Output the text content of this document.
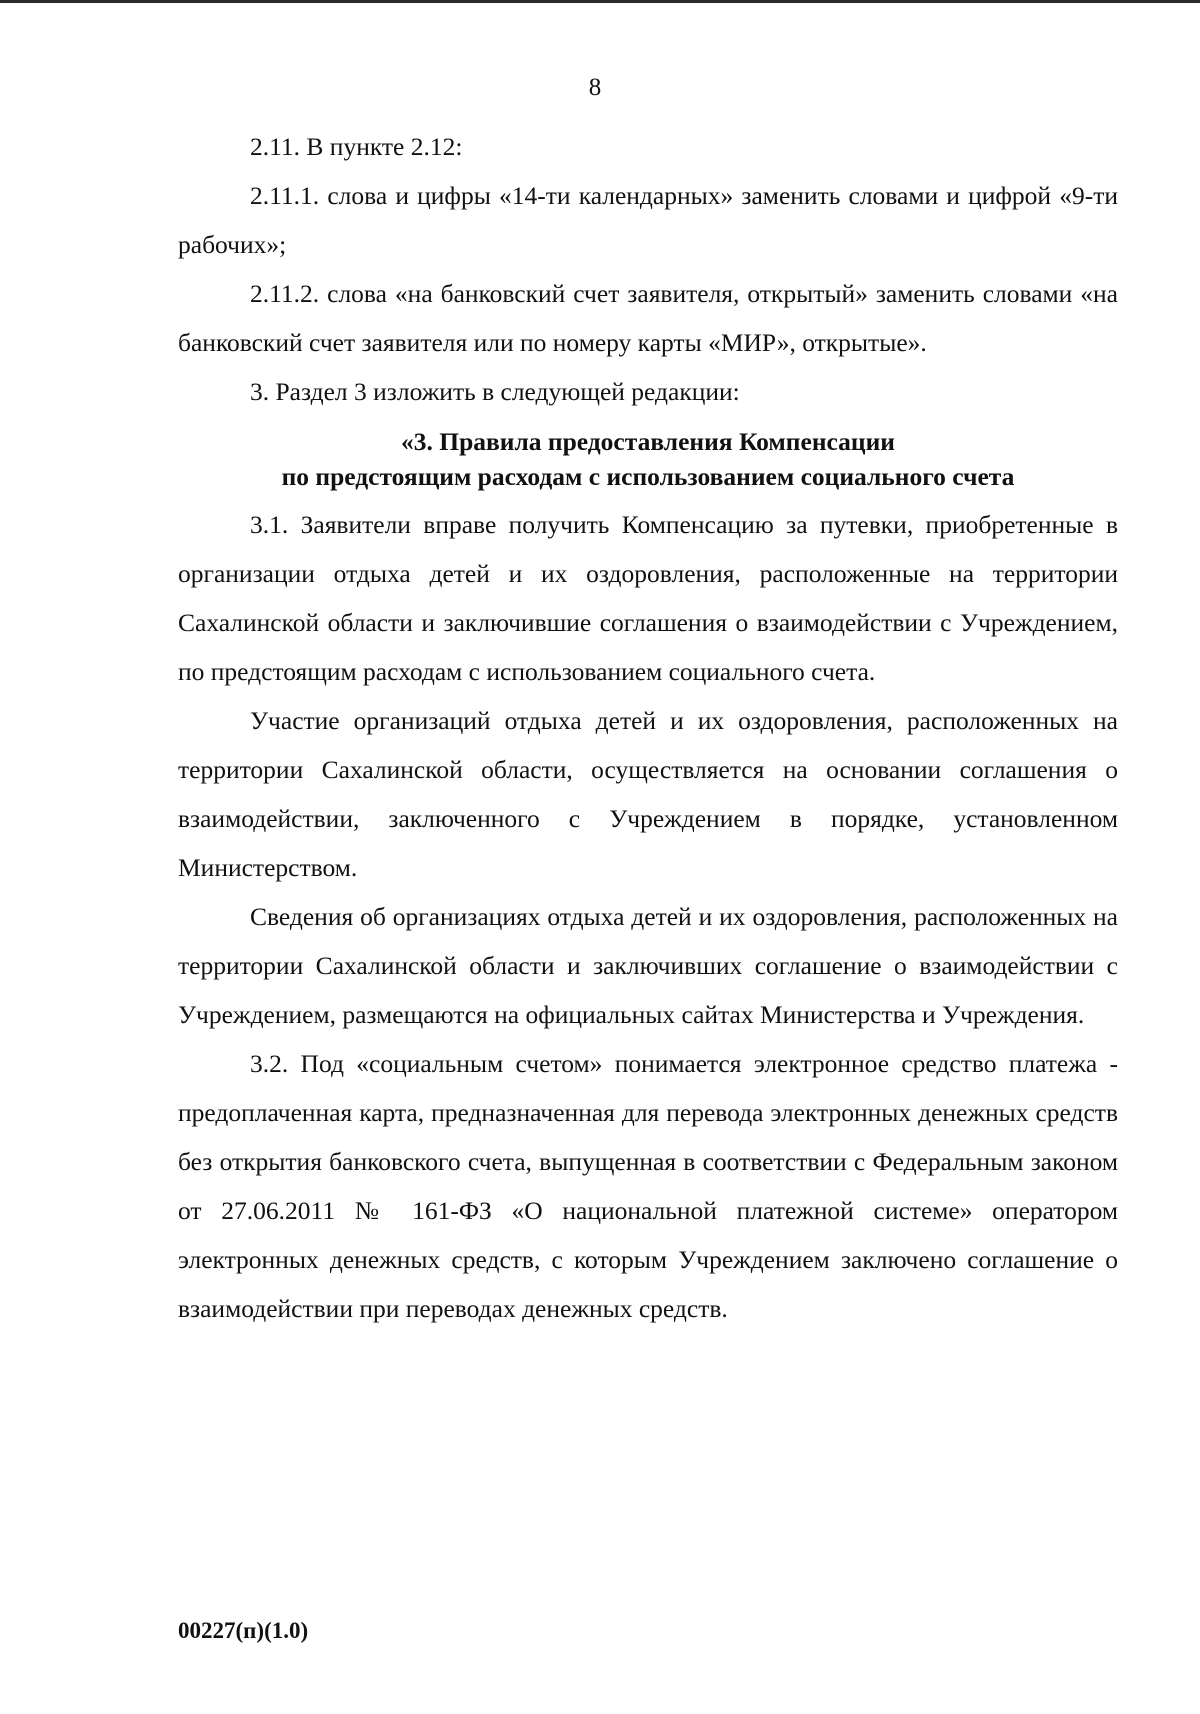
8

2.11. В пункте 2.12:

2.11.1. слова и цифры «14-ти календарных» заменить словами и цифрой «9-ти рабочих»;

2.11.2. слова «на банковский счет заявителя, открытый» заменить словами «на банковский счет заявителя или по номеру карты «МИР», открытые».

3. Раздел 3 изложить в следующей редакции:

«3. Правила предоставления Компенсации
по предстоящим расходам с использованием социального счета

3.1. Заявители вправе получить Компенсацию за путевки, приобретенные в организации отдыха детей и их оздоровления, расположенные на территории Сахалинской области и заключившие соглашения о взаимодействии с Учреждением, по предстоящим расходам с использованием социального счета.

Участие организаций отдыха детей и их оздоровления, расположенных на территории Сахалинской области, осуществляется на основании соглашения о взаимодействии, заключенного с Учреждением в порядке, установленном Министерством.

Сведения об организациях отдыха детей и их оздоровления, расположенных на территории Сахалинской области и заключивших соглашение о взаимодействии с Учреждением, размещаются на официальных сайтах Министерства и Учреждения.

3.2. Под «социальным счетом» понимается электронное средство платежа - предоплаченная карта, предназначенная для перевода электронных денежных средств без открытия банковского счета, выпущенная в соответствии с Федеральным законом от 27.06.2011 № 161-ФЗ «О национальной платежной системе» оператором электронных денежных средств, с которым Учреждением заключено соглашение о взаимодействии при переводах денежных средств.

00227(п)(1.0)
